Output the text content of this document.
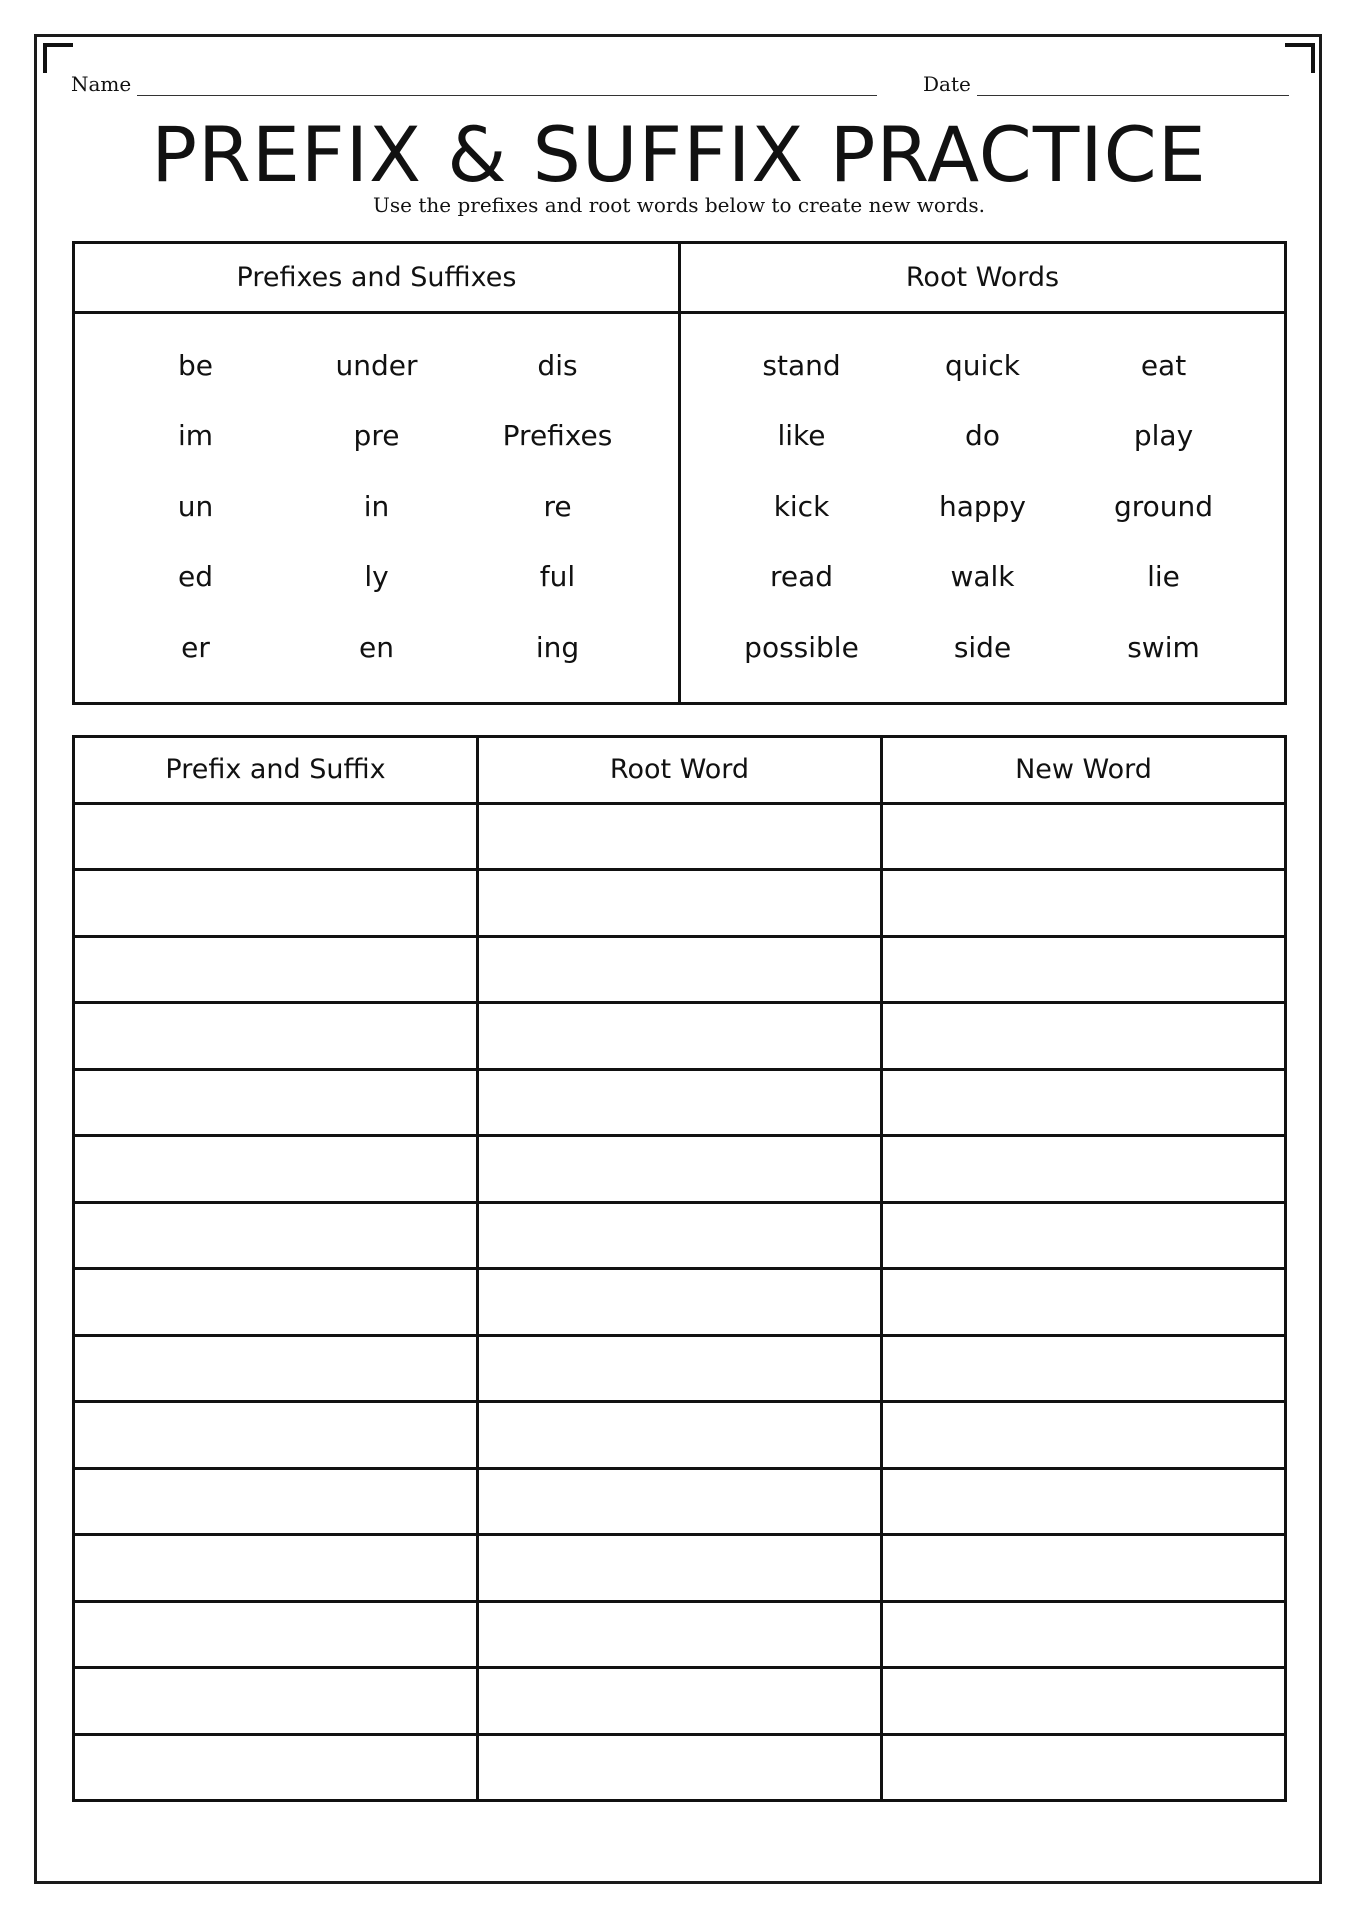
Name	Date
PREFIX & SUFFIX PRACTICE
Use the prefixes and root words below to create new words.
Prefixes and Suffixes
be	under	dis
im	pre	Prefixes
un	in	re
ed	ly	ful
er	en	ing
Root Words
stand	quick	eat
like	do	play
kick	happy	ground
read	walk	lie
possible	side	swim
Prefix and Suffix	Root Word	New Word
